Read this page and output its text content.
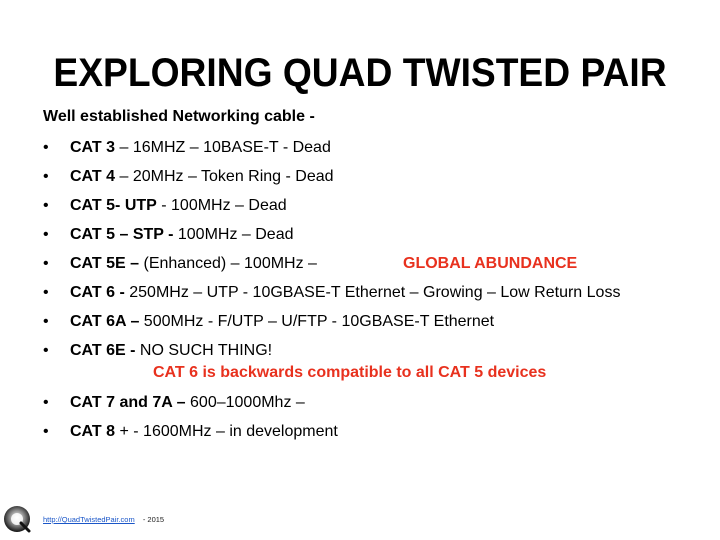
EXPLORING QUAD TWISTED PAIR
Well established Networking cable -
•	CAT 3 – 16MHZ – 10BASE-T - Dead
•	CAT 4 – 20MHz – Token Ring - Dead
•	CAT 5- UTP - 100MHz – Dead
•	CAT 5 – STP - 100MHz – Dead
•	CAT 5E – (Enhanced) – 100MHz –	GLOBAL ABUNDANCE
•	CAT 6 - 250MHz – UTP - 10GBASE-T Ethernet – Growing – Low Return Loss
•	CAT 6A – 500MHz - F/UTP – U/FTP - 10GBASE-T Ethernet
•	CAT 6E - NO SUCH THING!
CAT 6 is backwards compatible to all CAT 5 devices
•	CAT 7 and 7A – 600–1000Mhz –
•	CAT 8 + - 1600MHz – in development
http://QuadTwistedPair.com - 2015
